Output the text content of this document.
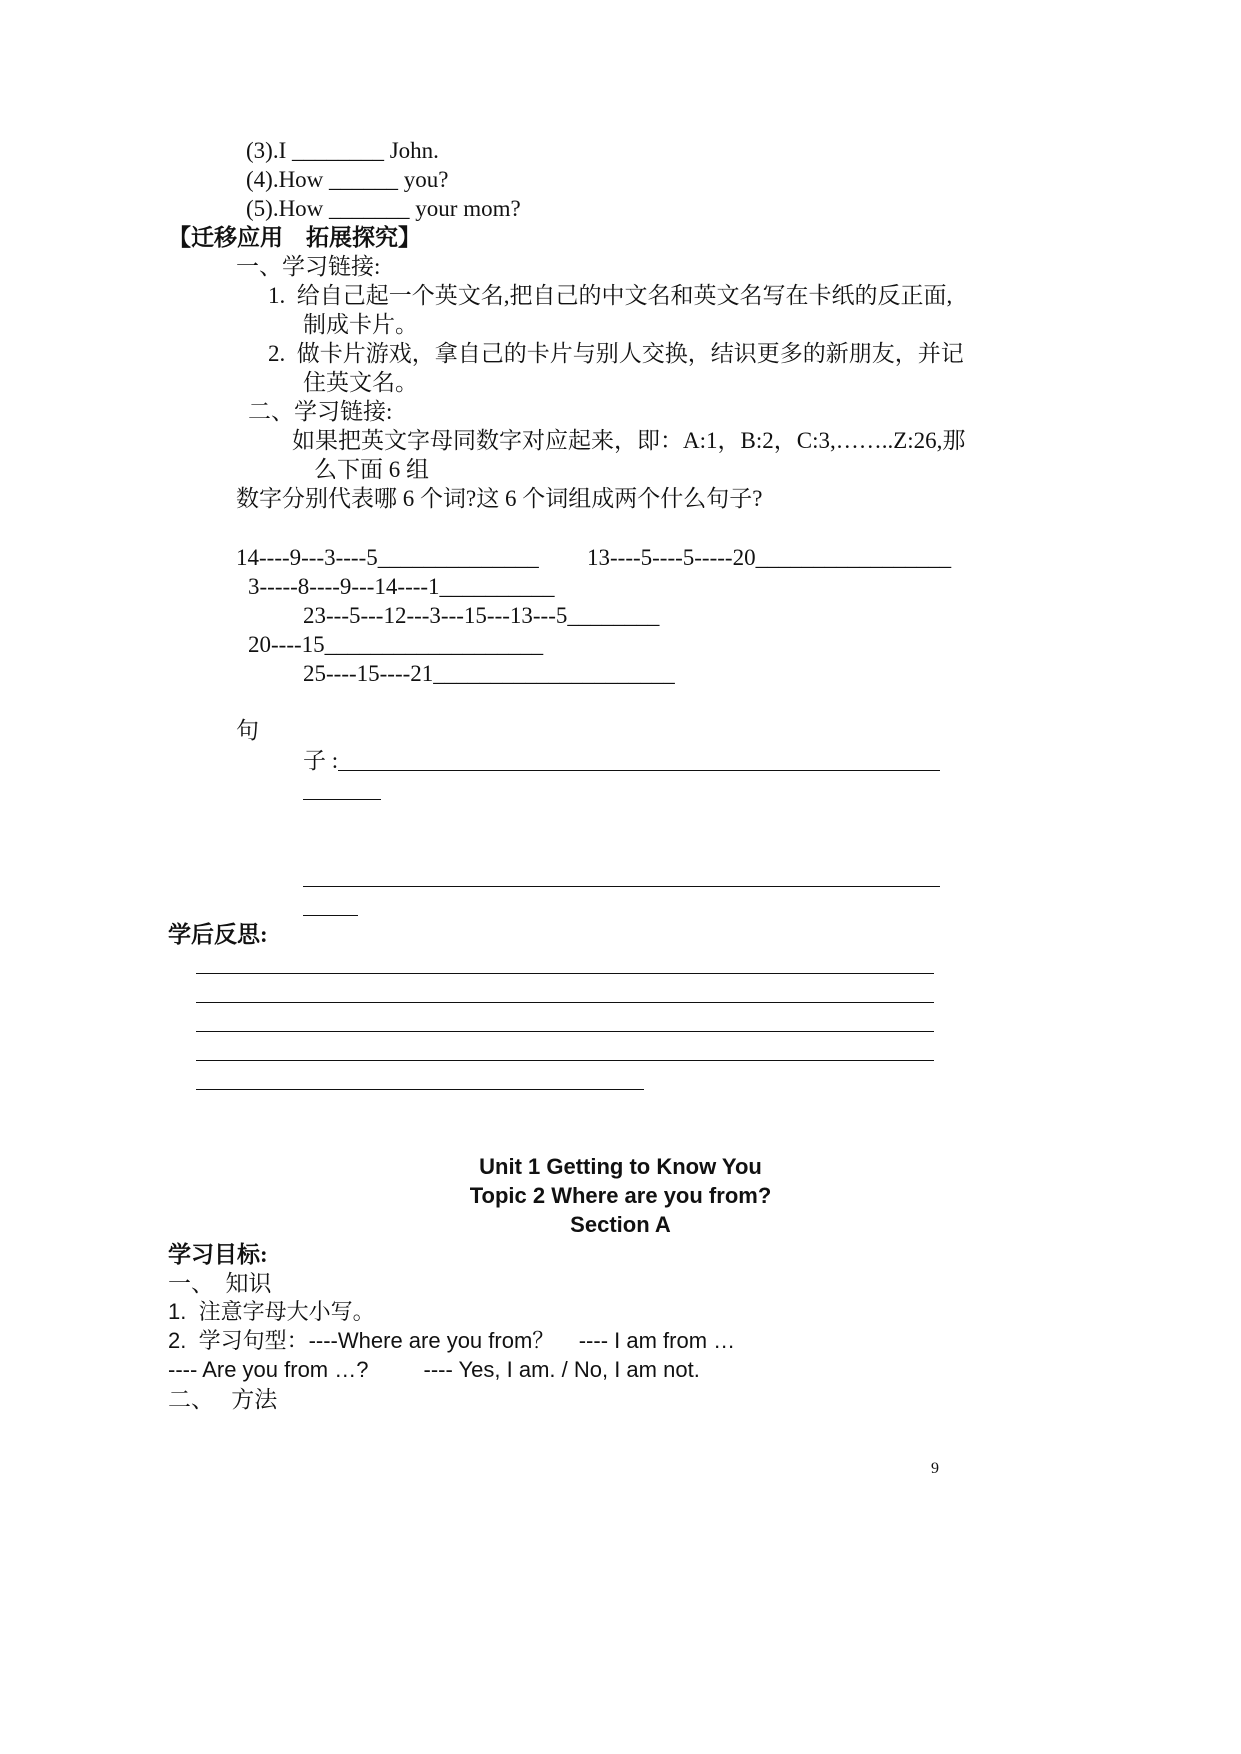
(3).I ________ John.
(4).How ______ you?
(5).How _______ your mom?
【迁移应用　拓展探究】
一、学习链接:
1.  给自己起一个英文名,把自己的中文名和英文名写在卡纸的反正面,
制成卡片。
2.  做卡片游戏，拿自己的卡片与别人交换，结识更多的新朋友，并记
住英文名。
二、学习链接:
如果把英文字母同数字对应起来，即：A:1，B:2，C:3,……..Z:26,那
么下面 6 组
数字分别代表哪 6 个词?这 6 个词组成两个什么句子?
14----9---3----5______________ 13----5----5-----20_________________
3-----8----9---14----1__________
23---5---12---3---15---13---5________
20----15___________________
25----15----21_____________________
句
子 :
学后反思:
Unit 1 Getting to Know You
Topic 2 Where are you from?
Section A
学习目标:
一、  知识
1.  注意字母大小写。
2.  学习句型：----Where are you from？    ---- I am from …
---- Are you from …?         ---- Yes, I am. / No, I am not.
二、   方法
9
